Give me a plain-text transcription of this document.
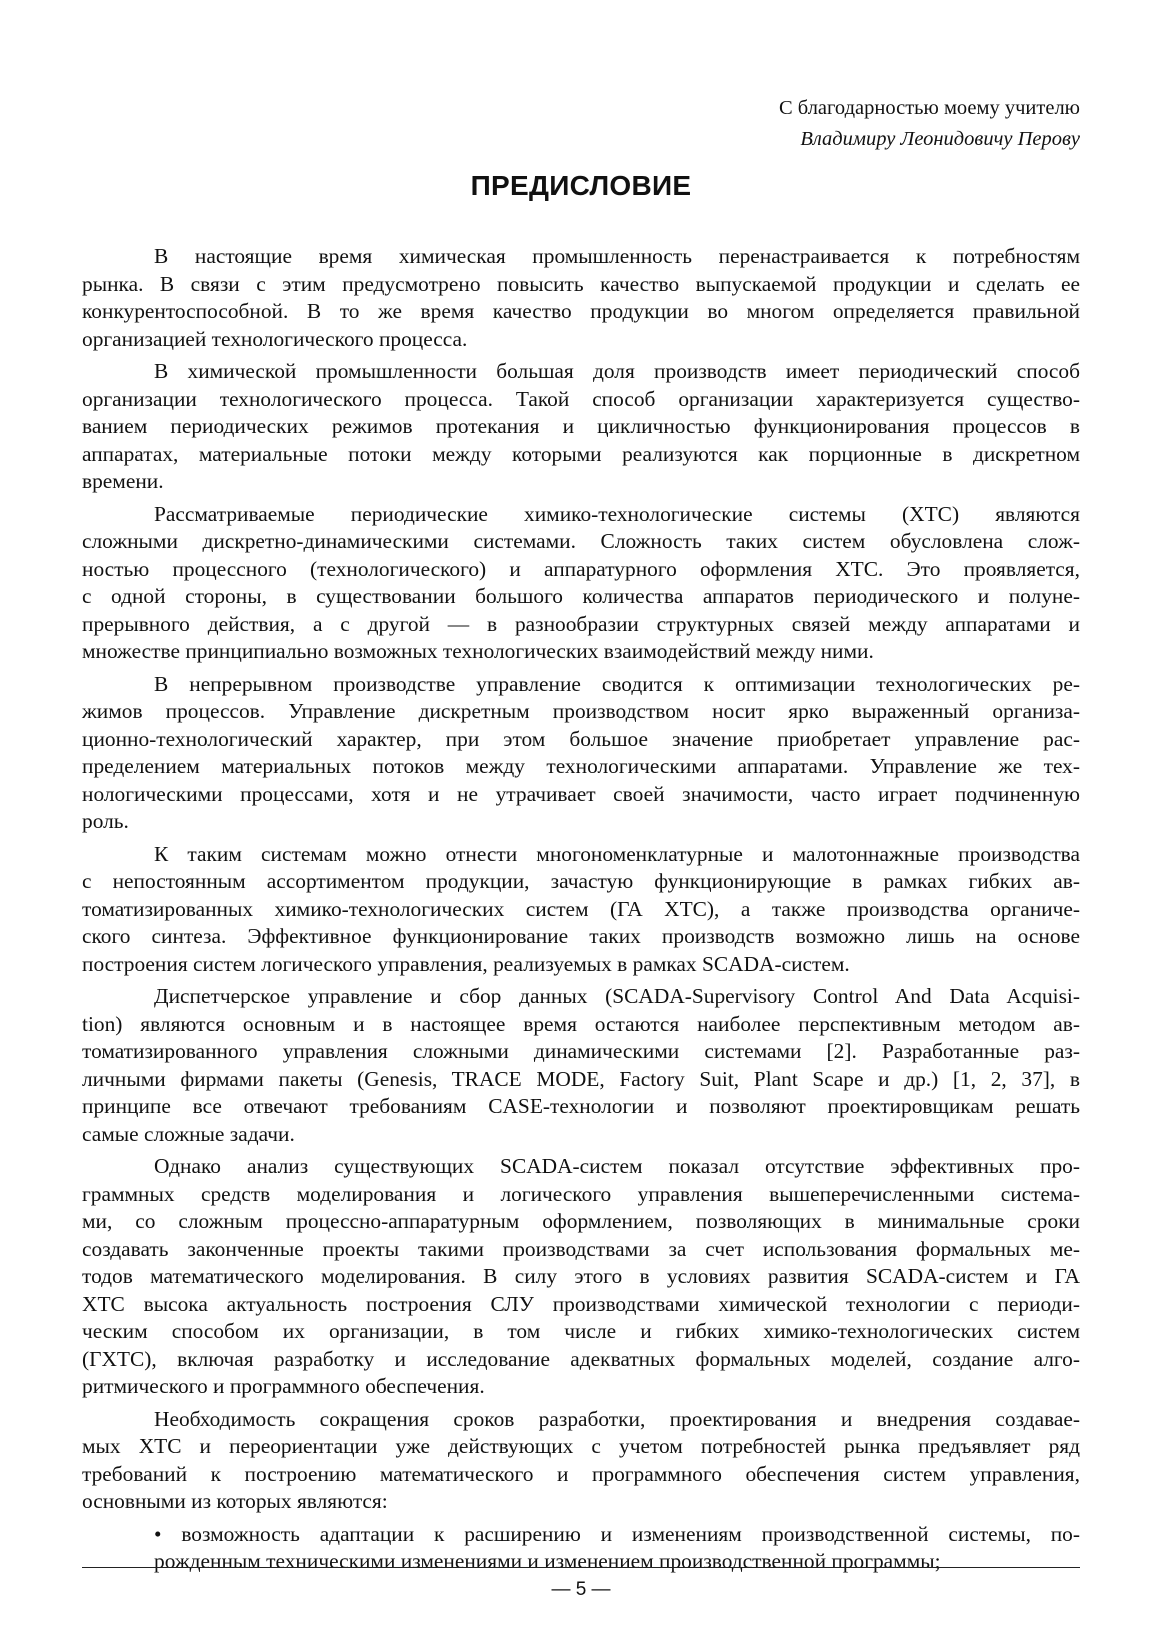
С благодарностью моему учителю
Владимиру Леонидовичу Перову
ПРЕДИСЛОВИЕ
В настоящие время химическая промышленность перенастраивается к потребностям
рынка. В связи с этим предусмотрено повысить качество выпускаемой продукции и сделать ее
конкурентоспособной. В то же время качество продукции во многом определяется правильной
организацией технологического процесса.
В химической промышленности большая доля производств имеет периодический способ
организации технологического процесса. Такой способ организации характеризуется существо-
ванием периодических режимов протекания и цикличностью функционирования процессов в
аппаратах, материальные потоки между которыми реализуются как порционные в дискретном
времени.
Рассматриваемые периодические химико-технологические системы (ХТС) являются
сложными дискретно-динамическими системами. Сложность таких систем обусловлена слож-
ностью процессного (технологического) и аппаратурного оформления ХТС. Это проявляется,
с одной стороны, в существовании большого количества аппаратов периодического и полуне-
прерывного действия, а с другой — в разнообразии структурных связей между аппаратами и
множестве принципиально возможных технологических взаимодействий между ними.
В непрерывном производстве управление сводится к оптимизации технологических ре-
жимов процессов. Управление дискретным производством носит ярко выраженный организа-
ционно-технологический характер, при этом большое значение приобретает управление рас-
пределением материальных потоков между технологическими аппаратами. Управление же тех-
нологическими процессами, хотя и не утрачивает своей значимости, часто играет подчиненную
роль.
К таким системам можно отнести многономенклатурные и малотоннажные производства
с непостоянным ассортиментом продукции, зачастую функционирующие в рамках гибких ав-
томатизированных химико-технологических систем (ГА ХТС), а также производства органиче-
ского синтеза. Эффективное функционирование таких производств возможно лишь на основе
построения систем логического управления, реализуемых в рамках SCADA-систем.
Диспетчерское управление и сбор данных (SCADA-Supervisory Control And Data Acquisi-
tion) являются основным и в настоящее время остаются наиболее перспективным методом ав-
томатизированного управления сложными динамическими системами [2]. Разработанные раз-
личными фирмами пакеты (Genesis, TRACE MODE, Factory Suit, Plant Scape и др.) [1, 2, 37], в
принципе все отвечают требованиям CASE-технологии и позволяют проектировщикам решать
самые сложные задачи.
Однако анализ существующих SCADA-систем показал отсутствие эффективных про-
граммных средств моделирования и логического управления вышеперечисленными система-
ми, со сложным процессно-аппаратурным оформлением, позволяющих в минимальные сроки
создавать законченные проекты такими производствами за счет использования формальных ме-
тодов математического моделирования. В силу этого в условиях развития SCADA-систем и ГА
ХТС высока актуальность построения СЛУ производствами химической технологии с периоди-
ческим способом их организации, в том числе и гибких химико-технологических систем
(ГХТС), включая разработку и исследование адекватных формальных моделей, создание алго-
ритмического и программного обеспечения.
Необходимость сокращения сроков разработки, проектирования и внедрения создавае-
мых ХТС и переориентации уже действующих с учетом потребностей рынка предъявляет ряд
требований к построению математического и программного обеспечения систем управления,
основными из которых являются:
• возможность адаптации к расширению и изменениям производственной системы, по-
рожденным техническими изменениями и изменением производственной программы;
— 5 —
